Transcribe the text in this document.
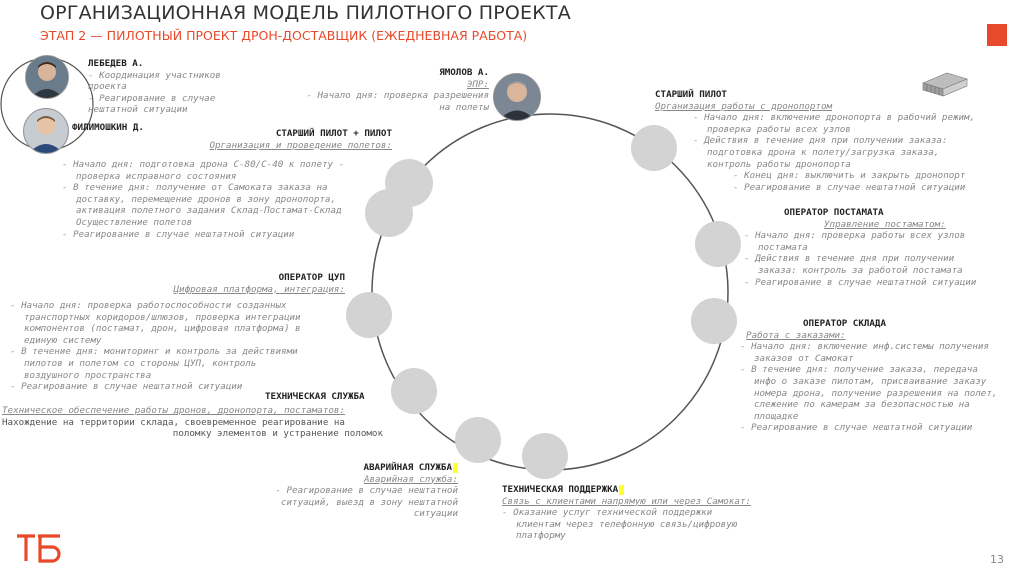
ОРГАНИЗАЦИОННАЯ МОДЕЛЬ ПИЛОТНОГО ПРОЕКТА
ЭТАП 2 — ПИЛОТНЫЙ ПРОЕКТ ДРОН-ДОСТАВЩИК (ЕЖЕДНЕВНАЯ РАБОТА)
ЛЕБЕДЕВ А.
- Координация участников
проекта
- Реагирование в случае
нештатной ситуации
ФИЛИМОШКИН Д.
ЯМОЛОВ А.
ЭПР:
- Начало дня: проверка разрешения
на полеты
СТАРШИЙ ПИЛОТ
Организация работы с дронопортом
- Начало дня: включение дронопорта в рабочий режим,
проверка работы всех узлов
- Действия в течение дня при получении заказа:
подготовка дрона к полету/загрузка заказа,
контроль работы дронопорта
- Конец дня: выключить и закрыть дронопорт
- Реагирование в случае нештатной ситуации
СТАРШИЙ ПИЛОТ + ПИЛОТ
Организация и проведение полетов:
- Начало дня: подготовка дрона С-80/С-40 к полету -
проверка исправного состояния
- В течение дня: получение от Самоката заказа на
доставку, перемещение дронов в зону дронопорта,
активация полетного задания Склад-Постамат-Склад
Осуществление полетов
- Реагирование в случае нештатной ситуации
ОПЕРАТОР ПОСТАМАТА
Управление постаматом:
- Начало дня: проверка работы всех узлов
постамата
- Действия в течение дня при получении
заказа: контроль за работой постамата
- Реагирование в случае нештатной ситуации
ОПЕРАТОР ЦУП
Цифровая платформа, интеграция:
- Начало дня: проверка работоспособности созданных
транспортных коридоров/шлюзов, проверка интеграции
компонентов (постамат, дрон, цифровая платформа) в
единую систему
- В течение дня: мониторинг и контроль за действиями
пилотов и полетом со стороны ЦУП, контроль
воздушного пространства
- Реагирование в случае нештатной ситуации
ОПЕРАТОР СКЛАДА
Работа с заказами:
- Начало дня: включение инф.системы получения
заказов от Самокат
- В течение дня: получение заказа, передача
инфо о заказе пилотам, присваивание заказу
номера дрона, получение разрешения на полет,
слежение по камерам за безопасностью на
площадке
- Реагирование в случае нештатной ситуации
ТЕХНИЧЕСКАЯ СЛУЖБА
Техническое обеспечение работы дронов, дронопорта, постаматов:
Нахождение на территории склада, своевременное реагирование на
поломку элементов и устранение поломок
АВАРИЙНАЯ СЛУЖБА
Аварийная служба:
- Реагирование в случае нештатной
ситуаций, выезд в зону нештатной
ситуации
ТЕХНИЧЕСКАЯ ПОДДЕРЖКА
Связь с клиентами напрямую или через Самокат:
- Оказание услуг технической поддержки
клиентам через телефонную связь/цифровую
платформу
13
